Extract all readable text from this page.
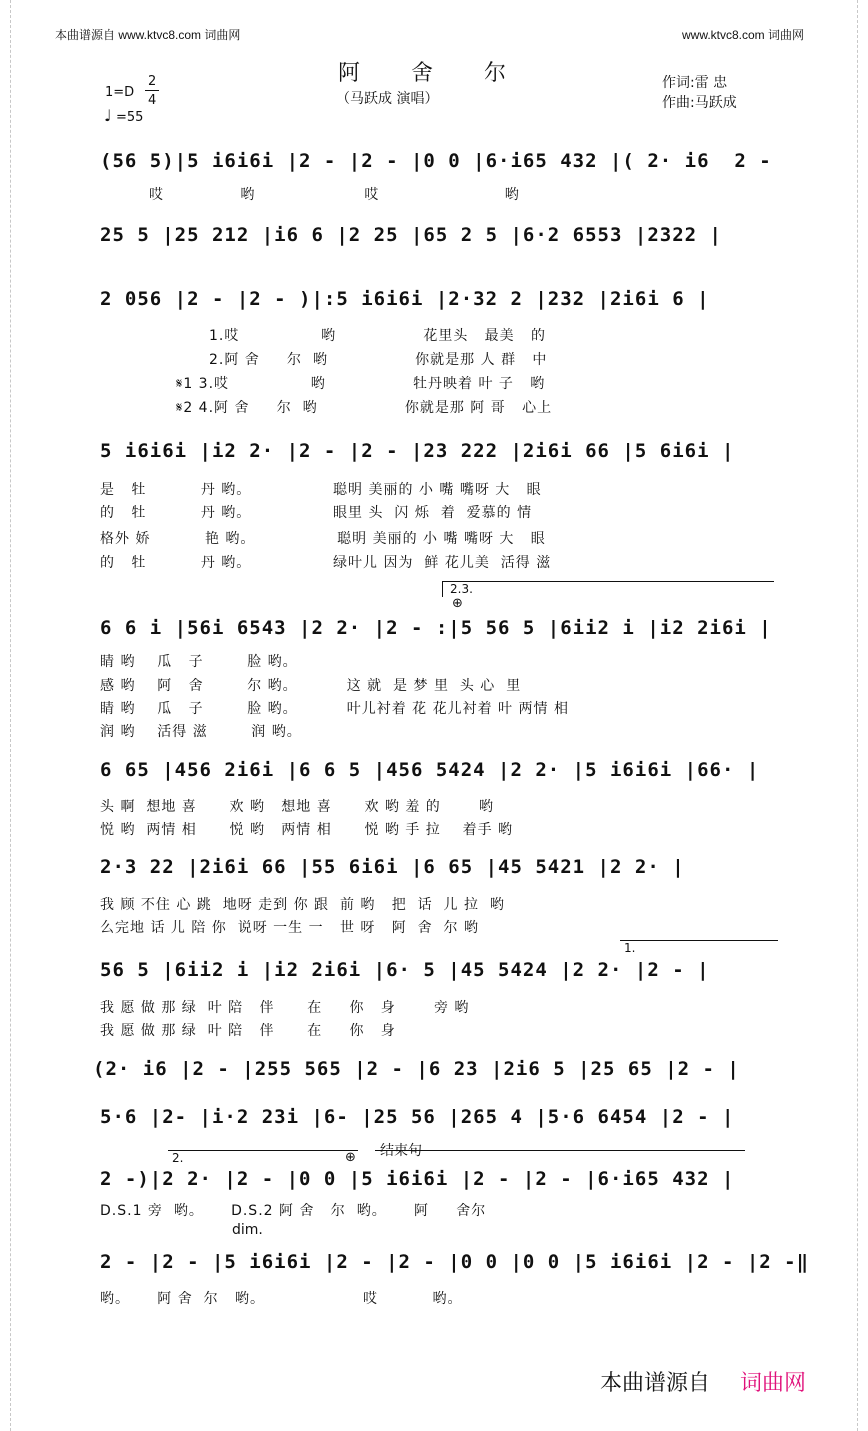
本曲谱源自 www.ktvc8.com 词曲网	www.ktvc8.com 词曲网
阿 舍 尔
（马跃成 演唱）
作词:雷 忠
作曲:马跃成
1=D
2
4
♩ =55
(56 5)|5 i6i6i |2 - |2 - |0 0 |6·i65 432 |( 2· i6  2 -
哎              哟                    哎                       哟
25 5 |25 212 |i6 6 |2 25 |65 2 5 |6·2 6553 |2322 |
2 056 |2 - |2 - )|:5 i6i6i |2·32 2 |232 |2i6i 6 |
1.哎               哟                花里头   最美   的
2.阿 舍     尔  哟                你就是那 人 群   中
𝄋1 3.哎               哟                牡丹映着 叶 子   哟
𝄋2 4.阿 舍     尔  哟                你就是那 阿 哥   心上
5 i6i6i |i2 2· |2 - |2 - |23 222 |2i6i 66 |5 6i6i |
是   牡          丹 哟。               聪明 美丽的 小 嘴 嘴呀 大   眼
的   牡          丹 哟。               眼里 头  闪 烁  着  爱慕的 情
格外 娇          艳 哟。               聪明 美丽的 小 嘴 嘴呀 大   眼
的   牡          丹 哟。               绿叶儿 因为  鲜 花儿美  活得 滋
2.3.
⊕
6 6 i |56i 6543 |2 2· |2 - :|5 56 5 |6ii2 i |i2 2i6i |
睛 哟    瓜   子        脸 哟。
感 哟    阿   舍        尔 哟。         这 就  是 梦 里  头 心  里
睛 哟    瓜   子        脸 哟。         叶儿衬着 花 花儿衬着 叶 两情 相
润 哟    活得 滋        润 哟。
6 65 |456 2i6i |6 6 5 |456 5424 |2 2· |5 i6i6i |66· |
头 啊  想地 喜      欢 哟   想地 喜      欢 哟 羞 的       哟
悦 哟  两情 相      悦 哟   两情 相      悦 哟 手 拉    着手 哟
2·3 22 |2i6i 66 |55 6i6i |6 65 |45 5421 |2 2· |
我 顾 不住 心 跳  地呀 走到 你 跟  前 哟   把  话  儿 拉  哟
么完地 话 儿 陪 你  说呀 一生 一   世 呀   阿  舍  尔 哟
1.
56 5 |6ii2 i |i2 2i6i |6· 5 |45 5424 |2 2· |2 - |
我 愿 做 那 绿  叶 陪   伴      在     你   身       旁 哟
我 愿 做 那 绿  叶 陪   伴      在     你   身
(2· i6 |2 - |255 565 |2 - |6 23 |2i6 5 |25 65 |2 - |
5·6 |2- |i·2 23i |6- |25 56 |265 4 |5·6 6454 |2 - |
2.	⊕ 结束句
2 -)|2 2· |2 - |0 0 |5 i6i6i |2 - |2 - |6·i65 432 |
D.S.1 旁  哟。     D.S.2 阿 舍   尔  哟。     阿     舍尔
dim.
2 - |2 - |5 i6i6i |2 - |2 - |0 0 |0 0 |5 i6i6i |2 - |2 -‖
哟。     阿 舍  尔   哟。                  哎          哟。
本曲谱源自 词曲网
